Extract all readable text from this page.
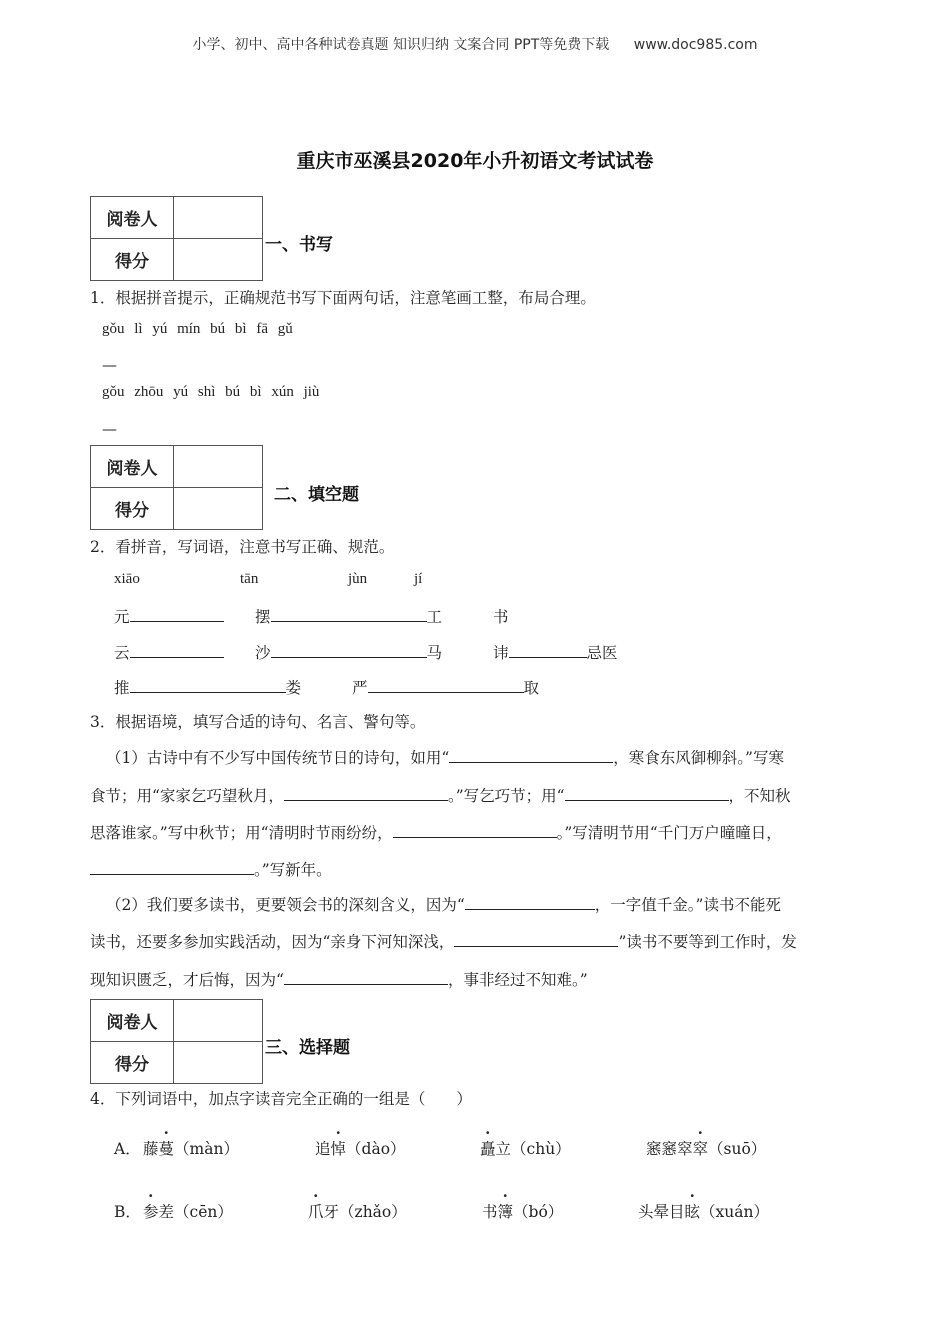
小学、初中、高中各种试卷真题 知识归纳 文案合同 PPT等免费下载 www.doc985.com
重庆市巫溪县2020年小升初语文考试试卷
阅卷人	
得分	
一、书写
1．根据拼音提示，正确规范书写下面两句话，注意笔画工整，布局合理。
gǒu lì yú mín bú bì fā gǔ
—
gǒu zhōu yú shì bú bì xún jiù
—
阅卷人	
得分	
二、填空题
2．看拼音，写词语，注意书写正确、规范。
xiāo	tān	jùn	jí
元	摆	工	书
云	沙	马	讳	忌医
推	娄	严	取
3．根据语境，填写合适的诗句、名言、警句等。
（1）古诗中有不少写中国传统节日的诗句，如用“	，寒食东风御柳斜。”写寒
食节；用“家家乞巧望秋月，	。”写乞巧节；用“	，不知秋
思落谁家。”写中秋节；用“清明时节雨纷纷，	。”写清明节用“千门万户曈曈日，
。”写新年。
（2）我们要多读书，更要领会书的深刻含义，因为“	，一字值千金。”读书不能死
读书，还要多参加实践活动，因为“亲身下河知深浅，	”读书不要等到工作时，发
现知识匮乏，才后悔，因为“	，事非经过不知难。”
阅卷人	
得分	
三、选择题
4．下列词语中，加点字读音完全正确的一组是（　　）
A． 藤蔓（màn）	追悼（dào）	矗立（chù）	窸窸窣窣（suō）
B． 参差（cēn）	爪牙（zhǎo）	书簿（bó）	头晕目眩（xuán）
